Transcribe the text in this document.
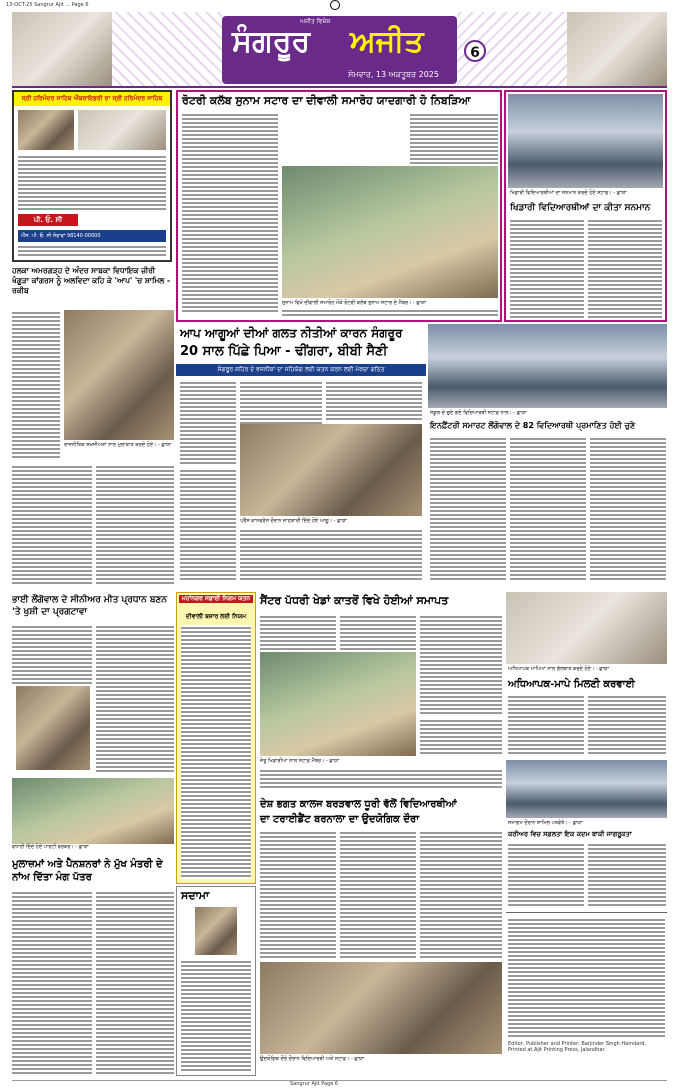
13-OCT-25 Sangrur Ajit ... Page 6
ਅਜੀਤ ਵਿਸ਼ੇਸ਼
ਸੰਗਰੂਰ ਅਜੀਤ
ਸੋਮਵਾਰ, 13 ਅਕਤੂਬਰ 2025
6
ਸ੍ਰੀ ਹਰਿਮੰਦਰ ਸਾਹਿਬ ਐਂਬਰਾਇਡਰੀ ਦਾ ਸ੍ਰੀ ਹਰਿਮੰਦਰ ਸਾਹਿਬ
ਪੀ. ਓ. ਸੀ
ਐੱਸ. ਪੀ. ਓ. ਸੀ ਸੇਵਾਵਾਂ 98140-00000
ਰੋਟਰੀ ਕਲੱਬ ਸੁਨਾਮ ਸਟਾਰ ਦਾ ਦੀਵਾਲੀ ਸਮਾਰੋਹ ਯਾਦਗਾਰੀ ਹੋ ਨਿਬੜਿਆ
ਸੁਨਾਮ ਵਿਖੇ ਦੀਵਾਲੀ ਸਮਾਰੋਹ ਮੌਕੇ ਰੋਟਰੀ ਕਲੱਬ ਸੁਨਾਮ ਸਟਾਰ ਦੇ ਮੈਂਬਰ। - ਛਾਯਾ
ਖਿਡਾਰੀ ਵਿਦਿਆਰਥੀਆਂ ਦਾ ਸਨਮਾਨ ਕਰਦੇ ਹੋਏ ਸਟਾਫ਼। - ਛਾਯਾ
ਖਿਡਾਰੀ ਵਿਦਿਆਰਥੀਆਂ ਦਾ ਕੀਤਾ ਸਨਮਾਨ
ਹਲਕਾ ਅਮਰਗੜ੍ਹ ਦੇ ਅੰਦਰ ਸਾਬਕਾ ਵਿਧਾਇਕ ਜ਼ੀਰੀ ਖੰਗੂੜਾ ਕਾਂਗਰਸ ਨੂੰ ਅਲਵਿਦਾ ਕਹਿ ਕੇ 'ਆਪ' 'ਚ ਸ਼ਾਮਿਲ - ਰਕੀਬ
ਰਾਜਨੀਤਿਕ ਸ਼ਖ਼ਸੀਅਤਾਂ ਨਾਲ ਮੁਲਾਕਾਤ ਕਰਦੇ ਹੋਏ। - ਛਾਯਾ
ਆਪ ਆਗੂਆਂ ਦੀਆਂ ਗਲਤ ਨੀਤੀਆਂ ਕਾਰਨ ਸੰਗਰੂਰ
20 ਸਾਲ ਪਿੱਛੇ ਪਿਆ - ਢੀਂਗਰਾ, ਬੀਬੀ ਸੈਣੀ
ਸੰਗਰੂਰ ਸ਼ਹਿਰ ਦੇ ਵਸਨੀਕਾਂ ਦਾ ਸਹਿਯੋਗ ਲਈ ਯਤਨ ਕਰਨ ਲਈ ਮੋਰਚਾ ਗਠਿਤ
ਪ੍ਰੈੱਸ ਕਾਨਫਰੰਸ ਦੌਰਾਨ ਜਾਣਕਾਰੀ ਦਿੰਦੇ ਹੋਏ ਆਗੂ। - ਛਾਯਾ
ਸਕੂਲ ਦੇ ਚੁਣੇ ਗਏ ਵਿਦਿਆਰਥੀ ਸਟਾਫ਼ ਨਾਲ। - ਛਾਯਾ
ਇਨਫ਼ੈਂਟਰੀ ਸਮਾਰਟ ਲੌਂਗੋਵਾਲ ਦੇ 82 ਵਿਦਿਆਰਥੀ ਪ੍ਰਮਾਣਿਤ ਹੋਈ ਚੁਣੇ
ਭਾਈ ਲੌਂਗੋਵਾਲ ਦੇ ਸੀਨੀਅਰ ਮੀਤ ਪ੍ਰਧਾਨ ਬਣਨ 'ਤੇ ਖੁਸ਼ੀ ਦਾ ਪ੍ਰਗਟਾਵਾ
ਵਧਾਈ ਦਿੰਦੇ ਹੋਏ ਪਾਰਟੀ ਵਰਕਰ। - ਛਾਯਾ
ਮਹਾਂਨਗਰ ਸਫ਼ਾਈ ਨਿਗਮ ਯਤਨ
ਦੀਵਾਲੀ ਬਜ਼ਾਰ ਲਈ ਨਿਯਮ
ਸੈਂਟਰ ਪੱਧਰੀ ਖੇਡਾਂ ਕਾਤਰੋਂ ਵਿਖੇ ਹੋਈਆਂ ਸਮਾਪਤ
ਜੇਤੂ ਖਿਡਾਰੀਆਂ ਨਾਲ ਸਟਾਫ਼ ਮੈਂਬਰ। - ਛਾਯਾ
ਅਧਿਆਪਕ ਮਾਪਿਆਂ ਨਾਲ ਗੱਲਬਾਤ ਕਰਦੇ ਹੋਏ। - ਛਾਯਾ
ਅਧਿਆਪਕ-ਮਾਪੇ ਮਿਲਣੀ ਕਰਵਾਈ
ਸਮਾਗਮ ਦੌਰਾਨ ਸ਼ਾਮਿਲ ਪਤਵੰਤੇ। - ਛਾਯਾ
ਕਰੀਅਰ ਵਿਚ ਸਫ਼ਲਤਾ ਇਕ ਕਦਮ ਬਾਕੀ ਜਾਗਰੂਕਤਾ
ਦੇਸ਼ ਭਗਤ ਕਾਲਜ ਬਰੜਵਾਲ ਧੂਰੀ ਵੱਲੋਂ ਵਿਦਿਆਰਥੀਆਂ
ਦਾ ਟਰਾਈਡੈਂਟ ਬਰਨਾਲਾ ਦਾ ਉਦਯੋਗਿਕ ਦੌਰਾ
ਉਦਯੋਗਿਕ ਦੌਰੇ ਦੌਰਾਨ ਵਿਦਿਆਰਥੀ ਅਤੇ ਸਟਾਫ਼। - ਛਾਯਾ
ਮੁਲਾਜ਼ਮਾਂ ਅਤੇ ਪੈਨਸ਼ਨਰਾਂ ਨੇ ਮੁੱਖ ਮੰਤਰੀ ਦੇ ਨਾਂਅ ਦਿੱਤਾ ਮੰਗ ਪੱਤਰ
ਸਦਾਮਾ
Editor, Publisher and Printer: Barjinder Singh Hamdard. Printed at Ajit Printing Press, Jalandhar.
Sangrur Ajit Page 6
